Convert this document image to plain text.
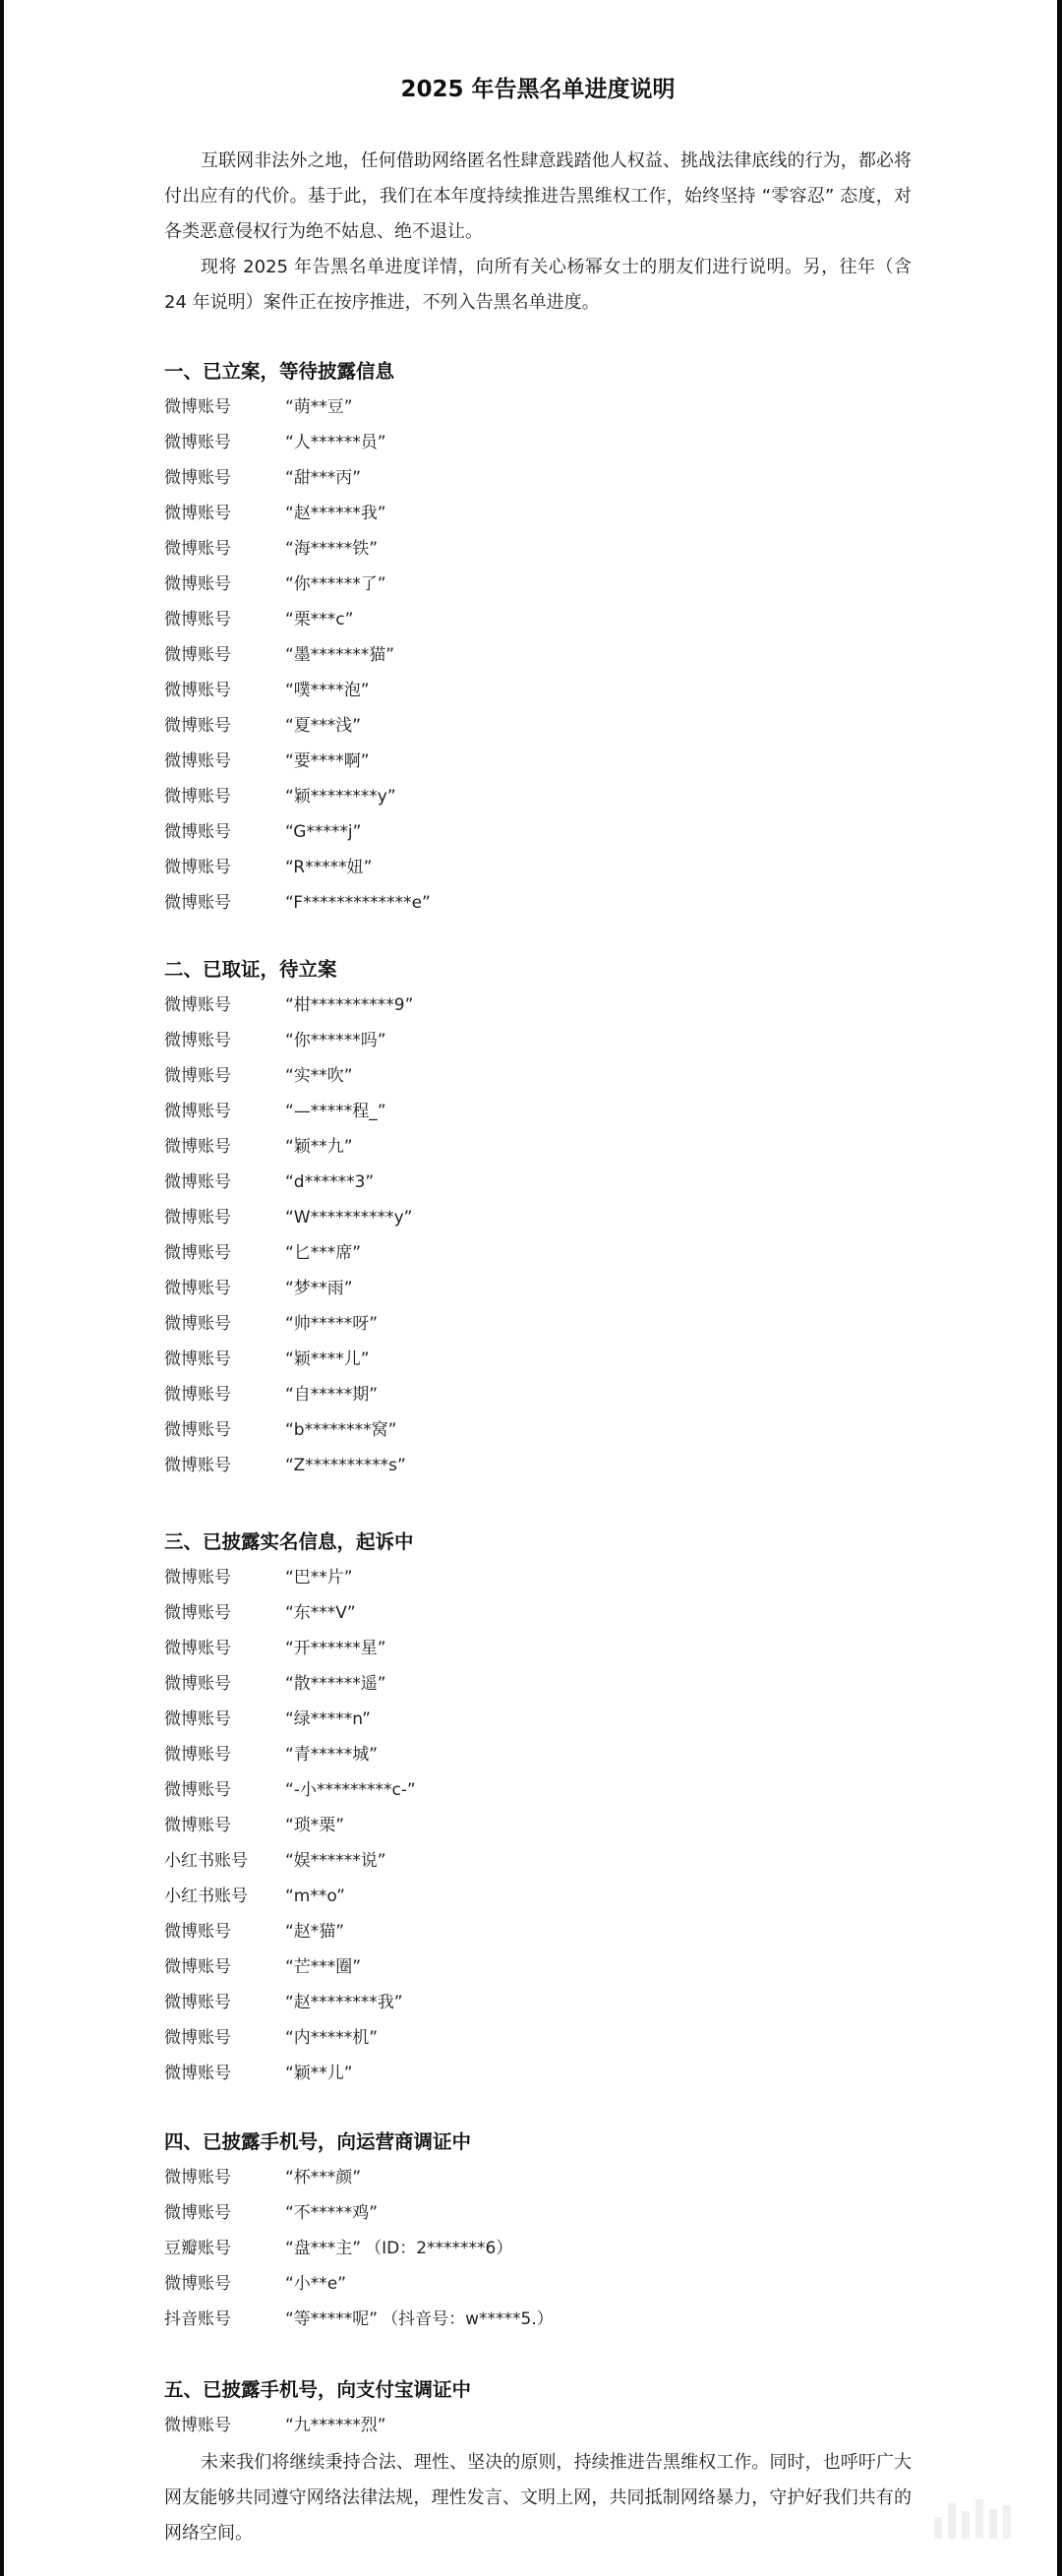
2025 年告黑名单进度说明

互联网非法外之地，任何借助网络匿名性肆意践踏他人权益、挑战法律底线的行为，都必将付出应有的代价。基于此，我们在本年度持续推进告黑维权工作，始终坚持 “零容忍” 态度，对各类恶意侵权行为绝不姑息、绝不退让。

现将 2025 年告黑名单进度详情，向所有关心杨幂女士的朋友们进行说明。另，往年（含 24 年说明）案件正在按序推进，不列入告黑名单进度。

一、已立案，等待披露信息
微博账号	“萌**豆”
微博账号	“人******员”
微博账号	“甜***丙”
微博账号	“赵******我”
微博账号	“海*****铁”
微博账号	“你******了”
微博账号	“栗***c”
微博账号	“墨*******猫”
微博账号	“噗****泡”
微博账号	“夏***浅”
微博账号	“要****啊”
微博账号	“颖********y”
微博账号	“G*****j”
微博账号	“R*****妞”
微博账号	“F*************e”
二、已取证，待立案
微博账号	“柑**********9”
微博账号	“你******吗”
微博账号	“实**吹”
微博账号	“—*****程_”
微博账号	“颖**九”
微博账号	“d******3”
微博账号	“W**********y”
微博账号	“匕***席”
微博账号	“梦**雨”
微博账号	“帅*****呀”
微博账号	“颖****儿”
微博账号	“自*****期”
微博账号	“b********窝”
微博账号	“Z**********s”
三、已披露实名信息，起诉中
微博账号	“巴**片”
微博账号	“东***V”
微博账号	“开******星”
微博账号	“散******遥”
微博账号	“绿*****n”
微博账号	“青*****城”
微博账号	“-小*********c-”
微博账号	“琐*栗”
小红书账号	“娱******说”
小红书账号	“m**o”
微博账号	“赵*猫”
微博账号	“芒***圈”
微博账号	“赵********我”
微博账号	“内*****机”
微博账号	“颖**儿”
四、已披露手机号，向运营商调证中
微博账号	“杯***颜”
微博账号	“不*****鸡”
豆瓣账号	“盘***主” （ID：2*******6）
微博账号	“小**e”
抖音账号	“等*****呢” （抖音号：w*****5.）
五、已披露手机号，向支付宝调证中
微博账号	“九******烈”

未来我们将继续秉持合法、理性、坚决的原则，持续推进告黑维权工作。同时，也呼吁广大网友能够共同遵守网络法律法规，理性发言、文明上网，共同抵制网络暴力，守护好我们共有的网络空间。
